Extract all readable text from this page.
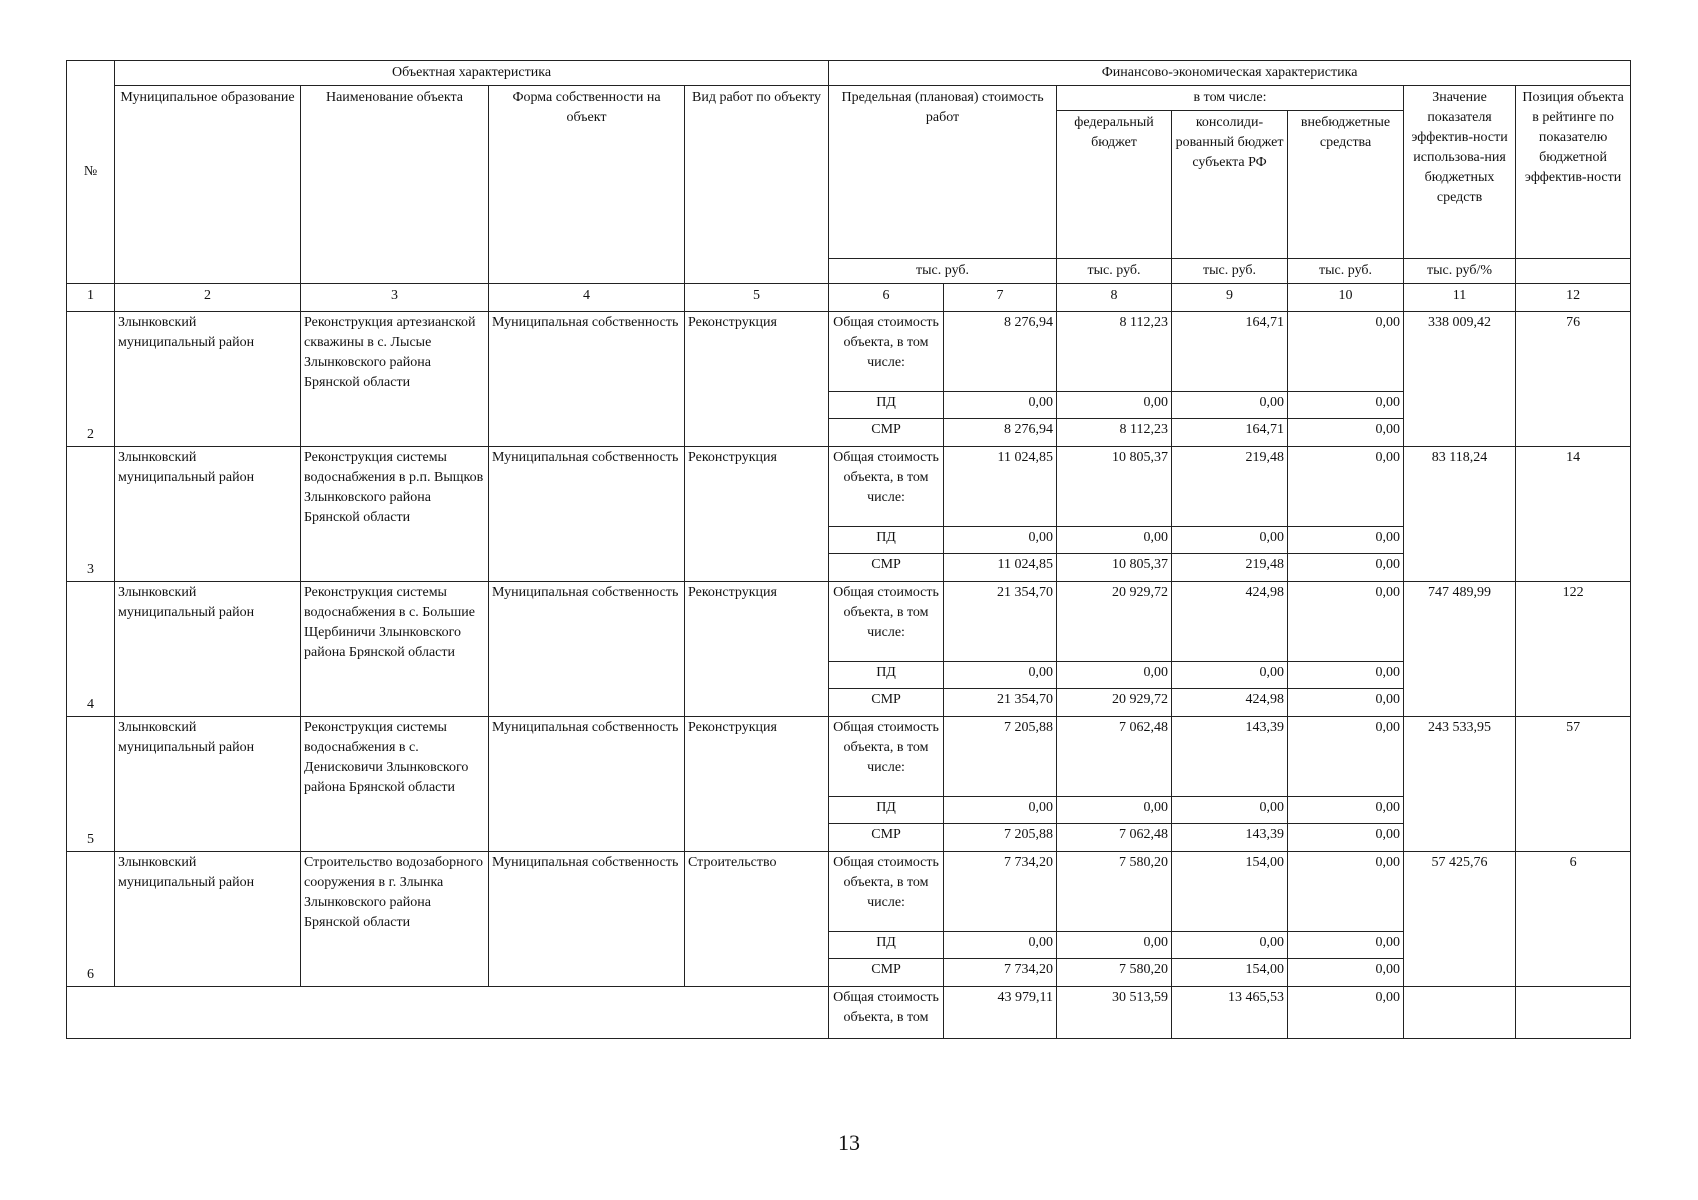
№	Объектная характеристика				Финансово-экономическая характеристика						
	Муниципальное образование	Наименование объекта	Форма собственности на объект	Вид работ по объекту	Предельная (плановая) стоимость работ		в том числе:			Значение показателя эффектив-ности использова-ния бюджетных средств	Позиция объекта в рейтинге по показателю бюджетной эффектив-ности
							федеральный бюджет	консолиди-рованный бюджет субъекта РФ	внебюджетные средства		
					тыс. руб.		тыс. руб.	тыс. руб.	тыс. руб.	тыс. руб/%	
1	2	3	4	5	6	7	8	9	10	11	12
2	Злынковский муниципальный район	Реконструкция артезианской скважины в с. Лысые Злынковского района Брянской области	Муниципальная собственность	Реконструкция	Общая стоимость объекта, в том числе:	8 276,94	8 112,23	164,71	0,00	338 009,42	76
					ПД	0,00	0,00	0,00	0,00		
					СМР	8 276,94	8 112,23	164,71	0,00		
3	Злынковский муниципальный район	Реконструкция системы водоснабжения в р.п. Выщков Злынковского района Брянской области	Муниципальная собственность	Реконструкция	Общая стоимость объекта, в том числе:	11 024,85	10 805,37	219,48	0,00	83 118,24	14
					ПД	0,00	0,00	0,00	0,00		
					СМР	11 024,85	10 805,37	219,48	0,00		
4	Злынковский муниципальный район	Реконструкция системы водоснабжения в с. Большие Щербиничи Злынковского района Брянской области	Муниципальная собственность	Реконструкция	Общая стоимость объекта, в том числе:	21 354,70	20 929,72	424,98	0,00	747 489,99	122
					ПД	0,00	0,00	0,00	0,00		
					СМР	21 354,70	20 929,72	424,98	0,00		
5	Злынковский муниципальный район	Реконструкция системы водоснабжения в с. Денисковичи Злынковского района Брянской области	Муниципальная собственность	Реконструкция	Общая стоимость объекта, в том числе:	7 205,88	7 062,48	143,39	0,00	243 533,95	57
					ПД	0,00	0,00	0,00	0,00		
					СМР	7 205,88	7 062,48	143,39	0,00		
6	Злынковский муниципальный район	Строительство водозаборного сооружения в г. Злынка Злынковского района Брянской области	Муниципальная собственность	Строительство	Общая стоимость объекта, в том числе:	7 734,20	7 580,20	154,00	0,00	57 425,76	6
					ПД	0,00	0,00	0,00	0,00		
					СМР	7 734,20	7 580,20	154,00	0,00		
					Общая стоимость объекта, в том	43 979,11	30 513,59	13 465,53	0,00		
13
